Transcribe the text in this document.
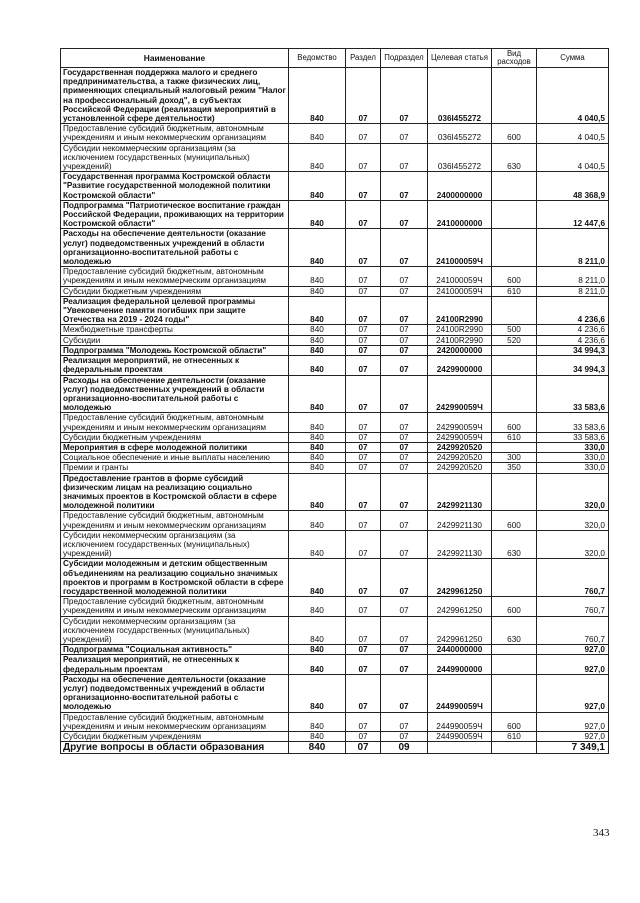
Наименование	Ведомство	Раздел	Подраздел	Целевая статья	Вид расходов	Сумма
Государственная поддержка малого и среднего предпринимательства, а также физических лиц, применяющих специальный налоговый режим "Налог на профессиональный доход", в субъектах Российской Федерации (реализация мероприятий в установленной сфере деятельности)	840	07	07	036I455272		4 040,5
Предоставление субсидий бюджетным, автономным учреждениям и иным некоммерческим организациям	840	07	07	036I455272	600	4 040,5
Субсидии некоммерческим организациям (за исключением государственных (муниципальных) учреждений)	840	07	07	036I455272	630	4 040,5
Государственная программа Костромской области "Развитие государственной молодежной политики Костромской области"	840	07	07	2400000000		48 368,9
Подпрограмма "Патриотическое воспитание граждан Российской Федерации, проживающих на территории Костромской области"	840	07	07	2410000000		12 447,6
Расходы на обеспечение деятельности (оказание услуг) подведомственных учреждений в области организационно-воспитательной работы с молодежью	840	07	07	241000059Ч		8 211,0
Предоставление субсидий бюджетным, автономным учреждениям и иным некоммерческим организациям	840	07	07	241000059Ч	600	8 211,0
Субсидии бюджетным учреждениям	840	07	07	241000059Ч	610	8 211,0
Реализация федеральной целевой программы "Увековечение памяти погибших при защите Отечества на 2019 - 2024 годы"	840	07	07	24100R2990		4 236,6
Межбюджетные трансферты	840	07	07	24100R2990	500	4 236,6
Субсидии	840	07	07	24100R2990	520	4 236,6
Подпрограмма "Молодежь Костромской области"	840	07	07	2420000000		34 994,3
Реализация мероприятий, не отнесенных к федеральным проектам	840	07	07	2429900000		34 994,3
Расходы на обеспечение деятельности (оказание услуг) подведомственных учреждений в области организационно-воспитательной работы с молодежью	840	07	07	242990059Ч		33 583,6
Предоставление субсидий бюджетным, автономным учреждениям и иным некоммерческим организациям	840	07	07	242990059Ч	600	33 583,6
Субсидии бюджетным учреждениям	840	07	07	242990059Ч	610	33 583,6
Мероприятия в сфере молодежной политики	840	07	07	2429920520		330,0
Социальное обеспечение и иные выплаты населению	840	07	07	2429920520	300	330,0
Премии и гранты	840	07	07	2429920520	350	330,0
Предоставление грантов в форме субсидий физическим лицам на реализацию социально значимых проектов в Костромской области в сфере молодежной политики	840	07	07	2429921130		320,0
Предоставление субсидий бюджетным, автономным учреждениям и иным некоммерческим организациям	840	07	07	2429921130	600	320,0
Субсидии некоммерческим организациям (за исключением государственных (муниципальных) учреждений)	840	07	07	2429921130	630	320,0
Субсидии молодежным и детским общественным объединениям на реализацию социально значимых проектов и программ в Костромской области в сфере государственной молодежной политики	840	07	07	2429961250		760,7
Предоставление субсидий бюджетным, автономным учреждениям и иным некоммерческим организациям	840	07	07	2429961250	600	760,7
Субсидии некоммерческим организациям (за исключением государственных (муниципальных) учреждений)	840	07	07	2429961250	630	760,7
Подпрограмма "Социальная активность"	840	07	07	2440000000		927,0
Реализация мероприятий, не отнесенных к федеральным проектам	840	07	07	2449900000		927,0
Расходы на обеспечение деятельности (оказание услуг) подведомственных учреждений в области организационно-воспитательной работы с молодежью	840	07	07	244990059Ч		927,0
Предоставление субсидий бюджетным, автономным учреждениям и иным некоммерческим организациям	840	07	07	244990059Ч	600	927,0
Субсидии бюджетным учреждениям	840	07	07	244990059Ч	610	927,0
Другие вопросы в области образования	840	07	09			7 349,1
343
